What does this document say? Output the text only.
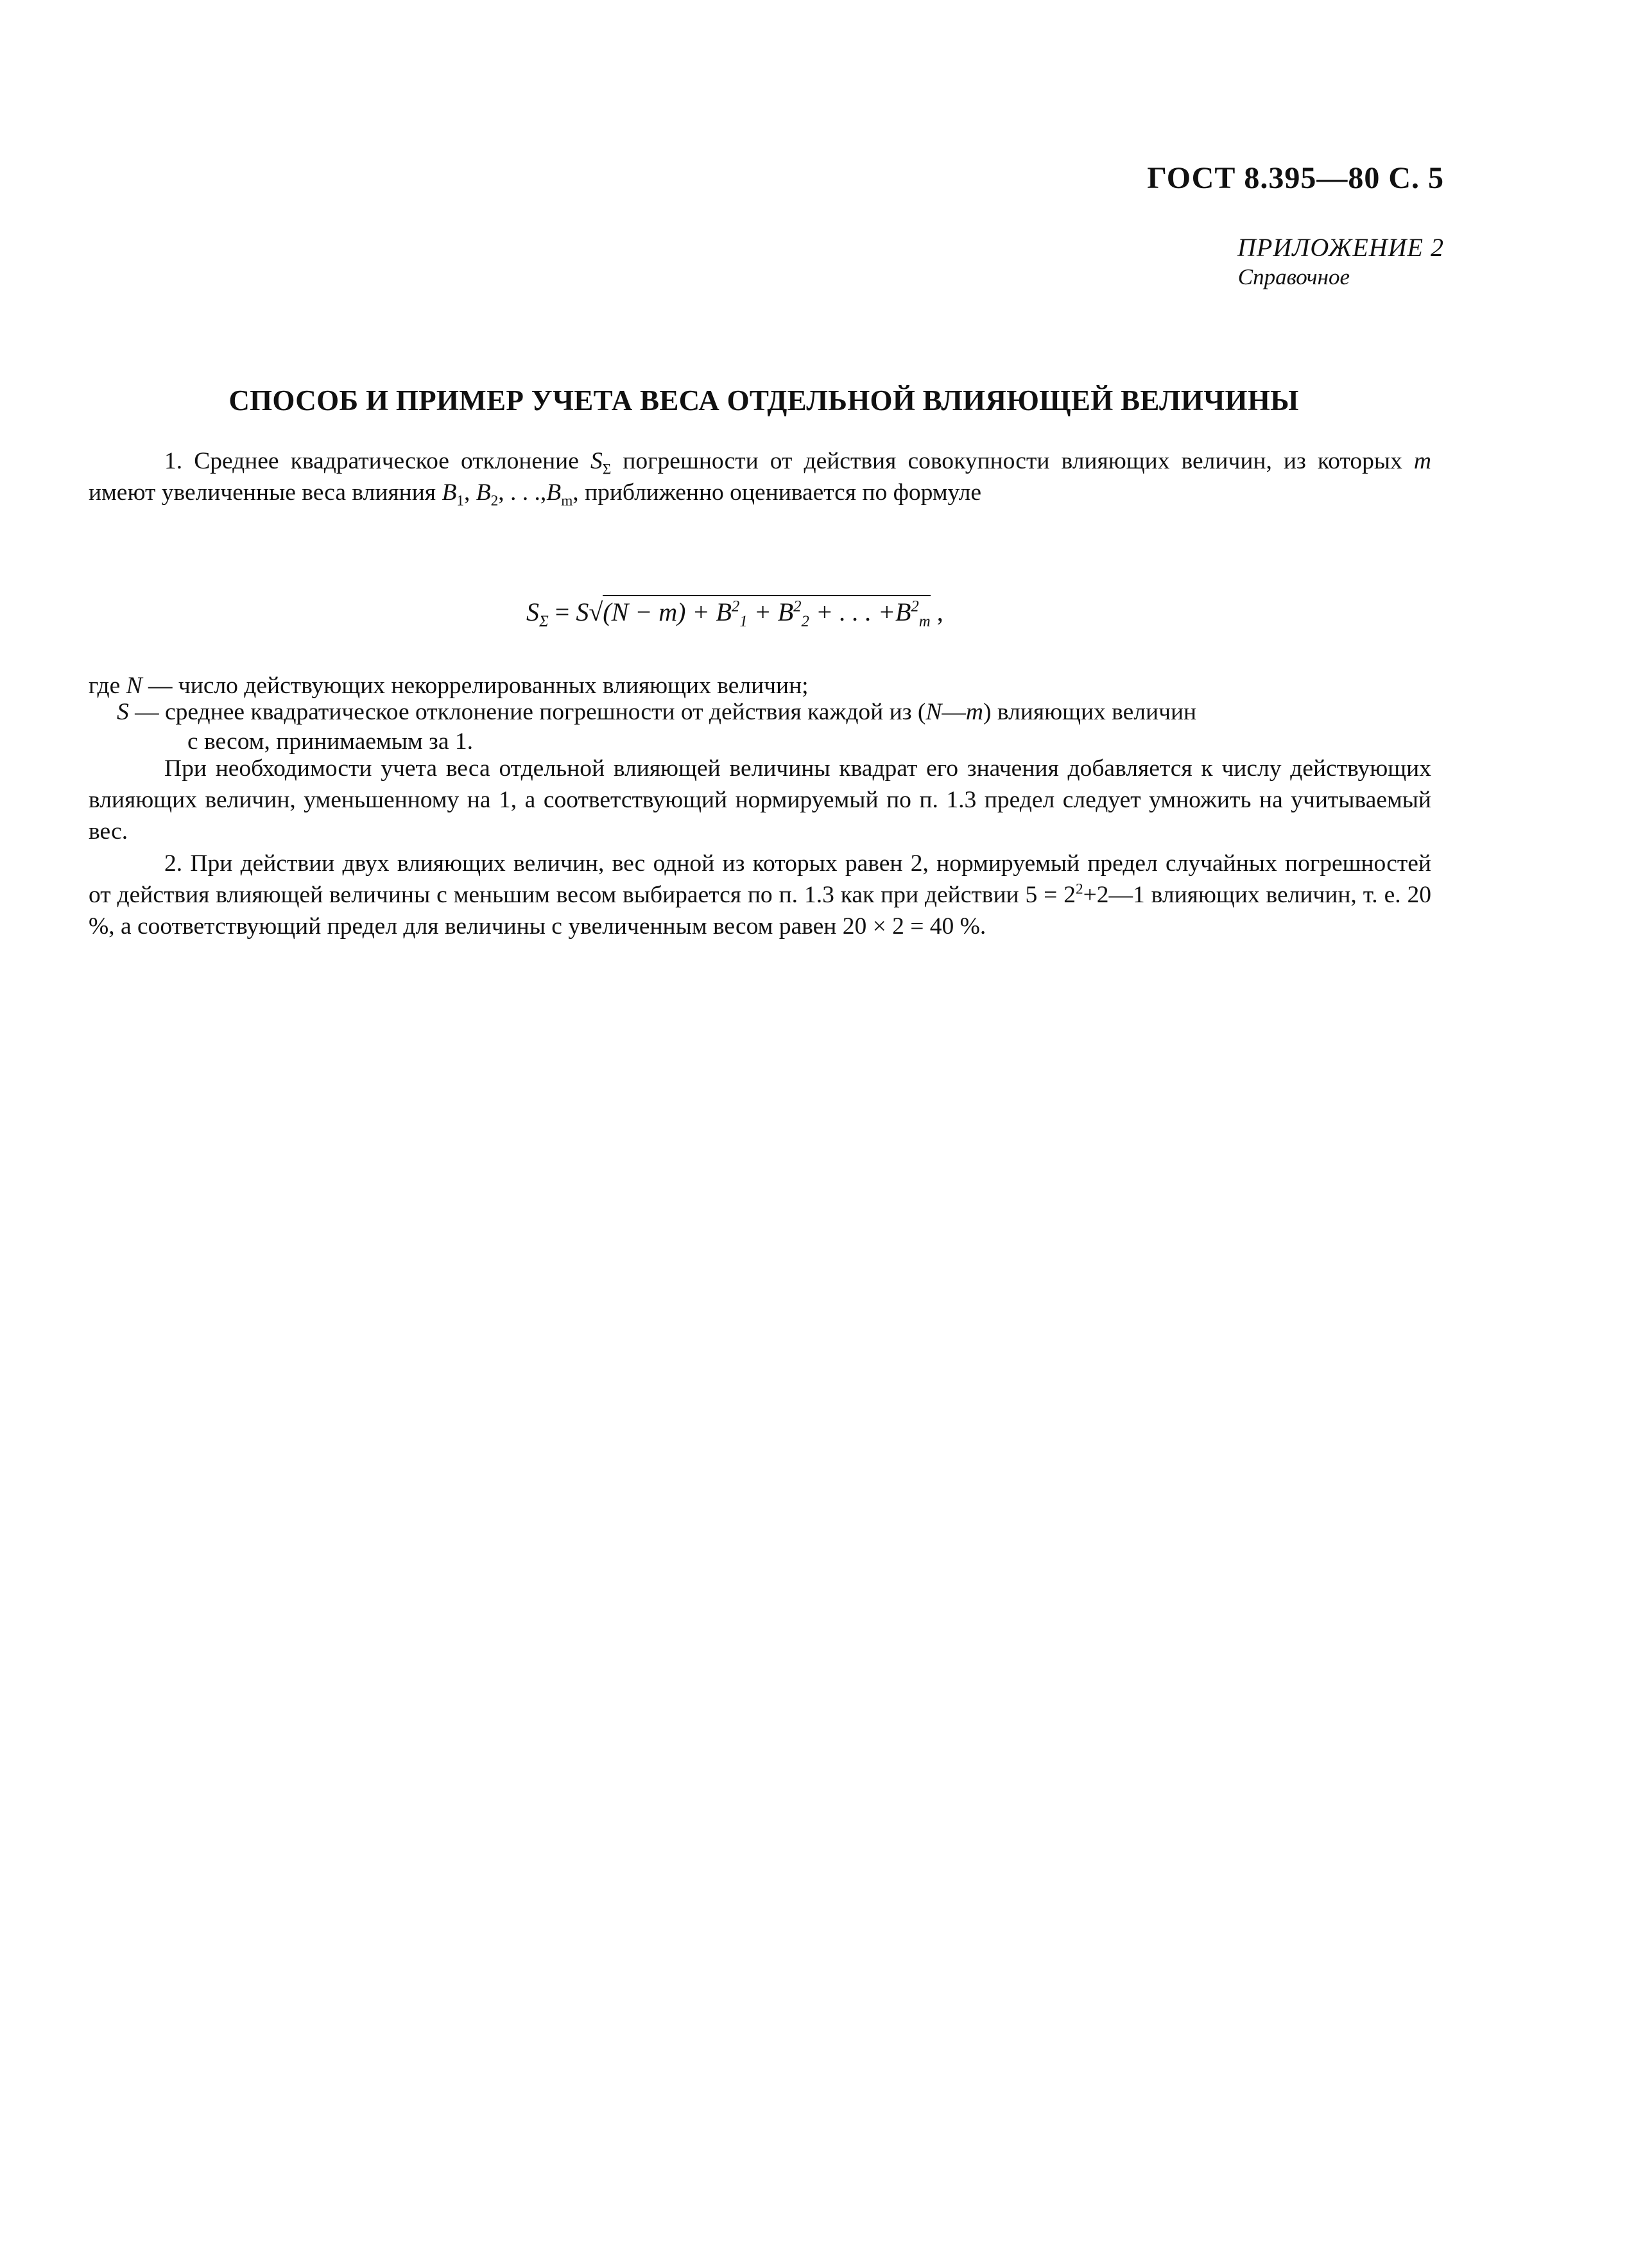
ГОСТ 8.395—80 С. 5
ПРИЛОЖЕНИЕ 2
Справочное
СПОСОБ И ПРИМЕР УЧЕТА ВЕСА ОТДЕЛЬНОЙ ВЛИЯЮЩЕЙ ВЕЛИЧИНЫ
1. Среднее квадратическое отклонение $S_\Sigma$ погрешности от действия совокупности влияющих величин, из которых m имеют увеличенные веса влияния $B_1$, $B_2$, . . $.,B_m$, приближенно оценивается по формуле
$S_\Sigma = S√(N - m) + B^2_1 + B^2_2$ + . . . $+B^2_m$ ,
где N — число действующих некоррелированных влияющих величин;
S — среднее квадратическое отклонение погрешности от действия каждой из (N—m) влияющих величин
с весом, принимаемым за 1.
При необходимости учета веса отдельной влияющей величины квадрат его значения добавляется к числу действующих влияющих величин, уменьшенному на 1, а соответствующий нормируемый по п. 1.3 предел следует умножить на учитываемый вес.
2. При действии двух влияющих величин, вес одной из которых равен 2, нормируемый предел случайных погрешностей от действия влияющей величины с меньшим весом выбирается по п. 1.3 как при действии $5 = 2^2+2—1$ влияющих величин, т. е. 20 %, а соответствующий предел для величины с увеличенным весом равен 20 × 2 = 40 %.
